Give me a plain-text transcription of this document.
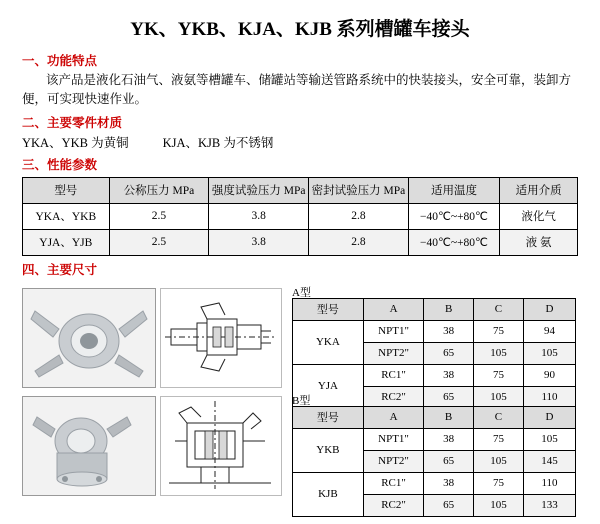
YK、YKB、KJA、KJB 系列槽罐车接头
一、功能特点
该产品是液化石油气、液氨等槽罐车、储罐站等输送管路系统中的快装接头，安全可靠，装卸方便，可实现快速作业。
二、主要零件材质
YKA、YKB 为黄铜	KJA、KJB 为不锈钢
三、性能参数
型号	公称压力 MPa	强度试验压力 MPa	密封试验压力 MPa	适用温度	适用介质
YKA、YKB	2.5	3.8	2.8	−40℃~+80℃	液化气
YJA、YJB	2.5	3.8	2.8	−40℃~+80℃	液 氨
四、主要尺寸
A型
型号	A	B	C	D
YKA	NPT1"	38	75	94
	NPT2"	65	105	105
YJA	RC1"	38	75	90
	RC2"	65	105	110
B型
型号	A	B	C	D
YKB	NPT1"	38	75	105
	NPT2"	65	105	145
KJB	RC1"	38	75	110
	RC2"	65	105	133
